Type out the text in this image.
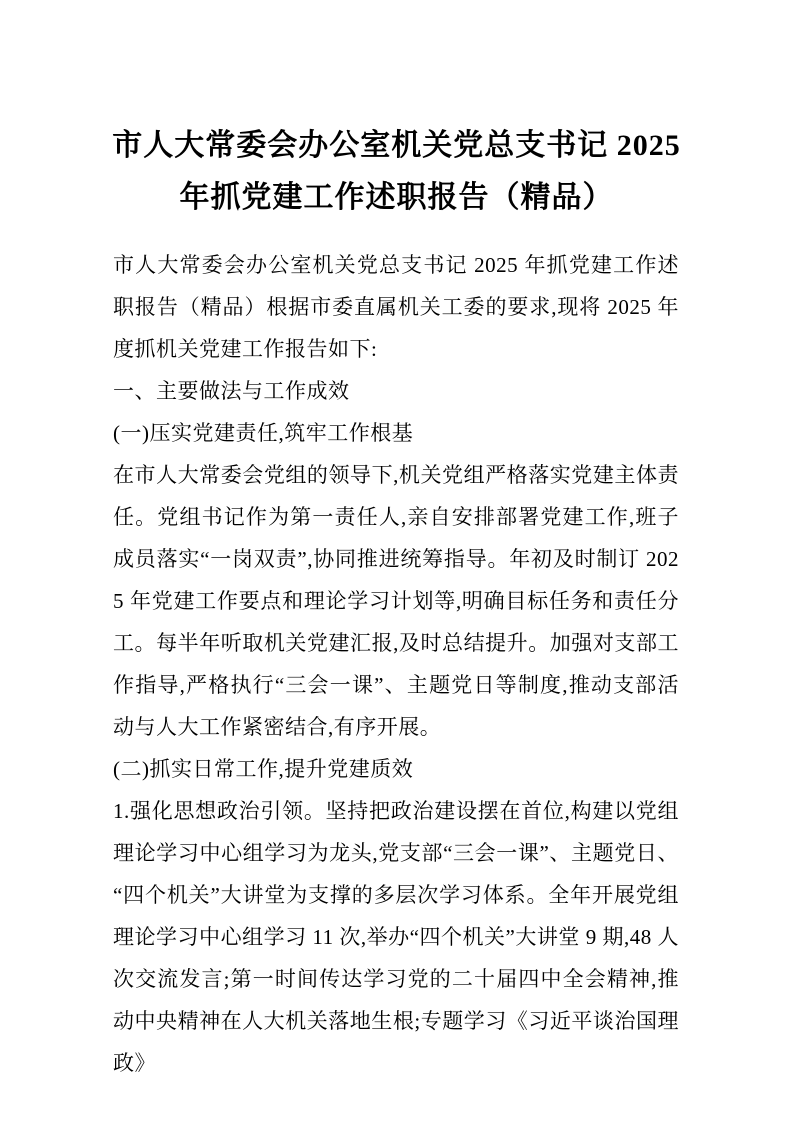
市人大常委会办公室机关党总支书记 2025
年抓党建工作述职报告（精品）

市人大常委会办公室机关党总支书记 2025 年抓党建工作述职报告（精品）根据市委直属机关工委的要求,现将 2025 年度抓机关党建工作报告如下:

一、主要做法与工作成效

(一)压实党建责任,筑牢工作根基

在市人大常委会党组的领导下,机关党组严格落实党建主体责任。党组书记作为第一责任人,亲自安排部署党建工作,班子成员落实“一岗双责”,协同推进统筹指导。年初及时制订 2025 年党建工作要点和理论学习计划等,明确目标任务和责任分工。每半年听取机关党建汇报,及时总结提升。加强对支部工作指导,严格执行“三会一课”、主题党日等制度,推动支部活动与人大工作紧密结合,有序开展。

(二)抓实日常工作,提升党建质效

1.强化思想政治引领。坚持把政治建设摆在首位,构建以党组理论学习中心组学习为龙头,党支部“三会一课”、主题党日、“四个机关”大讲堂为支撑的多层次学习体系。全年开展党组理论学习中心组学习 11 次,举办“四个机关”大讲堂 9 期,48 人次交流发言;第一时间传达学习党的二十届四中全会精神,推动中央精神在人大机关落地生根;专题学习《习近平谈治国理政》
